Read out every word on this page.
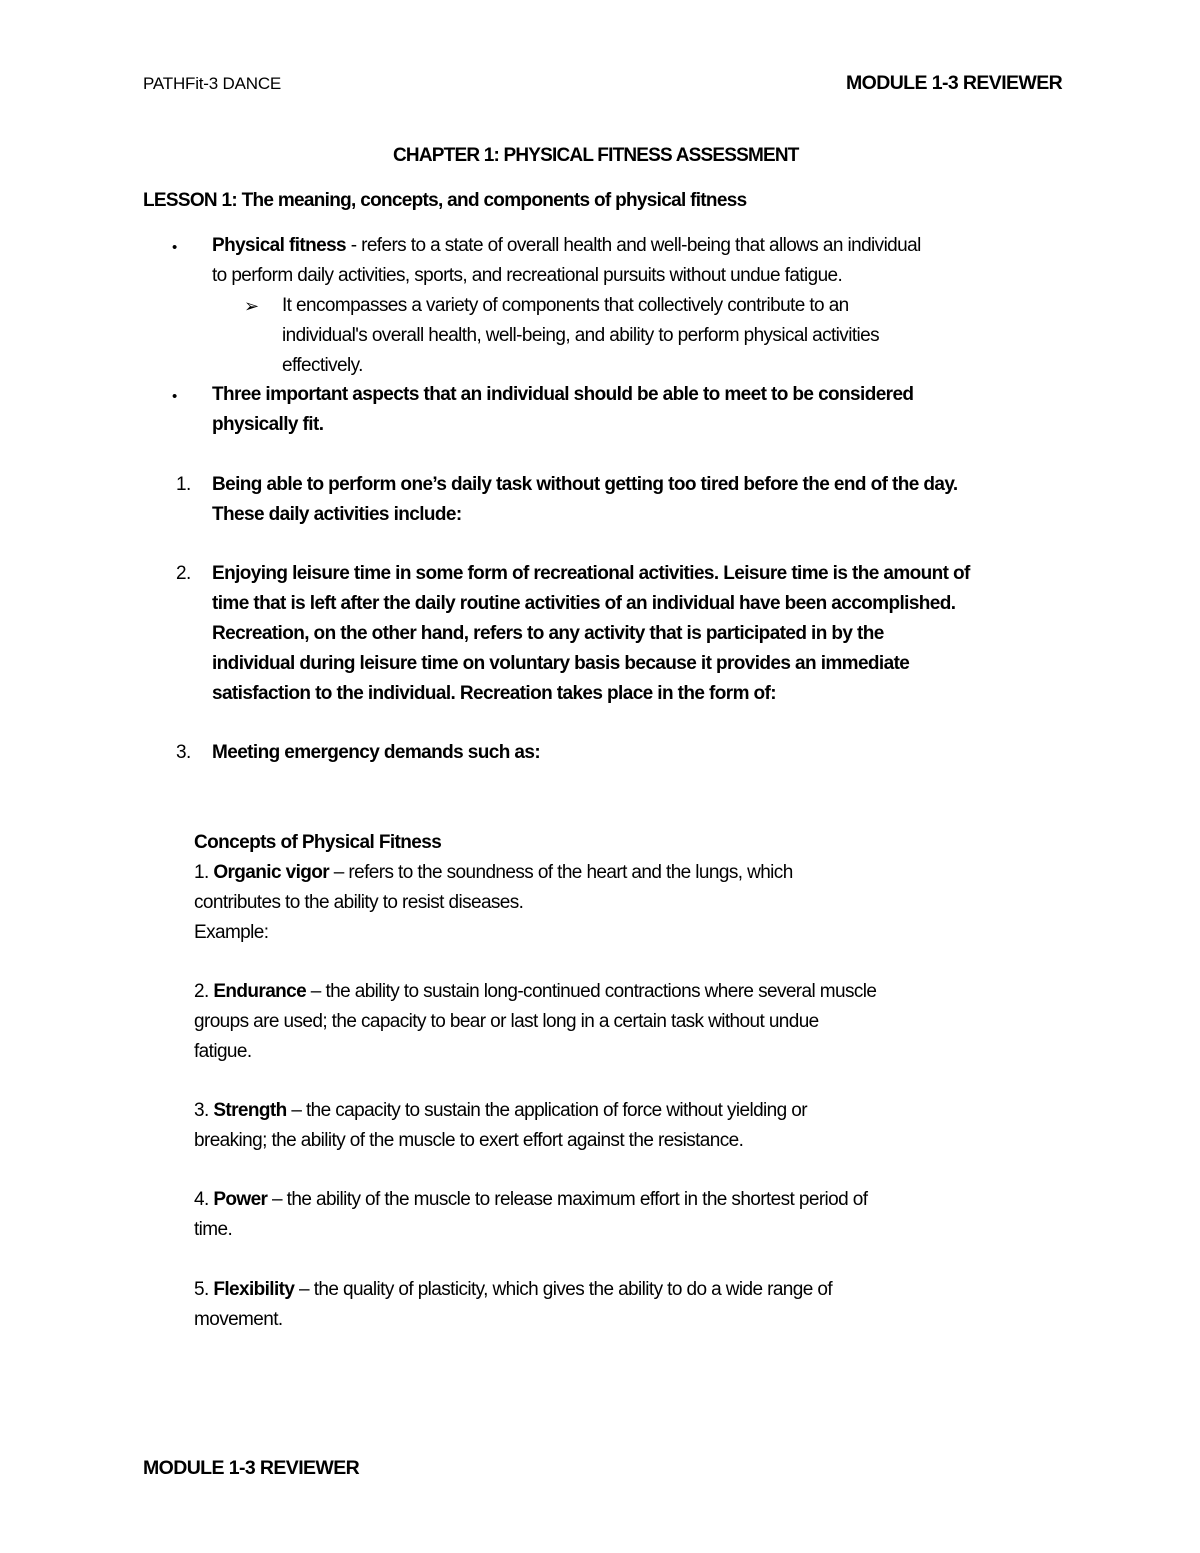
PATHFit-3 DANCE	MODULE 1-3 REVIEWER
CHAPTER 1: PHYSICAL FITNESS ASSESSMENT
LESSON 1: The meaning, concepts, and components of physical fitness
• Physical fitness - refers to a state of overall health and well-being that allows an individual
to perform daily activities, sports, and recreational pursuits without undue fatigue.
➢ It encompasses a variety of components that collectively contribute to an
individual's overall health, well-being, and ability to perform physical activities
effectively.
• Three important aspects that an individual should be able to meet to be considered
physically fit.
1. Being able to perform one’s daily task without getting too tired before the end of the day.
These daily activities include:
2. Enjoying leisure time in some form of recreational activities. Leisure time is the amount of
time that is left after the daily routine activities of an individual have been accomplished.
Recreation, on the other hand, refers to any activity that is participated in by the
individual during leisure time on voluntary basis because it provides an immediate
satisfaction to the individual. Recreation takes place in the form of:
3. Meeting emergency demands such as:
Concepts of Physical Fitness
1. Organic vigor – refers to the soundness of the heart and the lungs, which
contributes to the ability to resist diseases.
Example:
2. Endurance – the ability to sustain long-continued contractions where several muscle
groups are used; the capacity to bear or last long in a certain task without undue
fatigue.
3. Strength – the capacity to sustain the application of force without yielding or
breaking; the ability of the muscle to exert effort against the resistance.
4. Power – the ability of the muscle to release maximum effort in the shortest period of
time.
5. Flexibility – the quality of plasticity, which gives the ability to do a wide range of
movement.
MODULE 1-3 REVIEWER
